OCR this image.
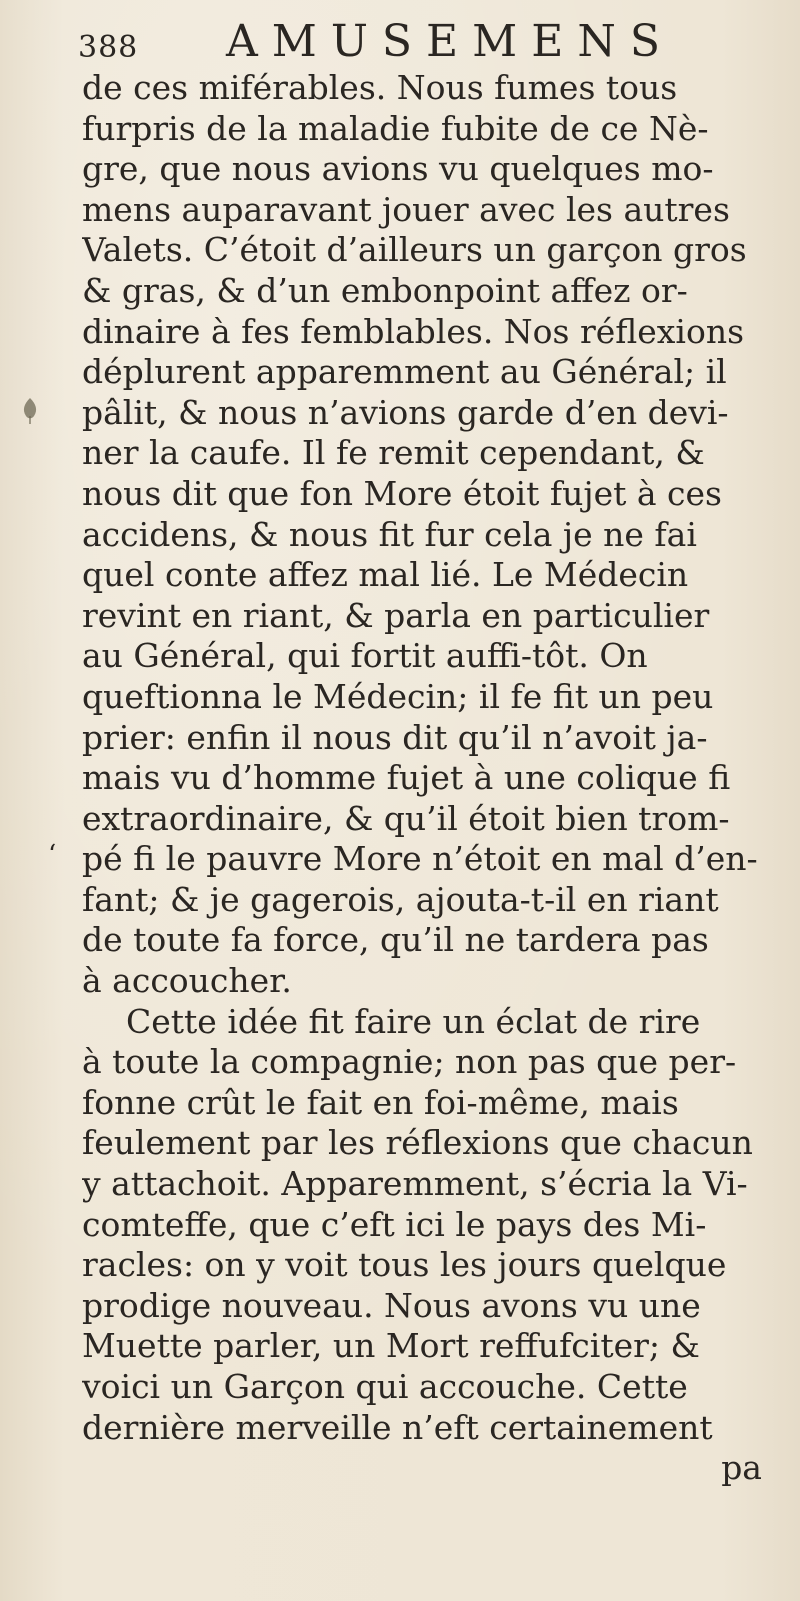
388 AMUSEMENS
‘
de ces miférables. Nous fumes tous
furpris de la maladie fubite de ce Nè-
gre, que nous avions vu quelques mo-
mens auparavant jouer avec les autres
Valets. C’étoit d’ailleurs un garçon gros
& gras, & d’un embonpoint affez or-
dinaire à fes femblables. Nos réflexions
déplurent apparemment au Général; il
pâlit, & nous n’avions garde d’en devi-
ner la caufe. Il fe remit cependant, &
nous dit que fon More étoit fujet à ces
accidens, & nous fit fur cela je ne fai
quel conte affez mal lié. Le Médecin
revint en riant, & parla en particulier
au Général, qui fortit auffi-tôt. On
queftionna le Médecin; il fe fit un peu
prier: enfin il nous dit qu’il n’avoit ja-
mais vu d’homme fujet à une colique fi
extraordinaire, & qu’il étoit bien trom-
pé fi le pauvre More n’étoit en mal d’en-
fant; & je gagerois, ajouta-t-il en riant
de toute fa force, qu’il ne tardera pas
à accoucher.
Cette idée fit faire un éclat de rire
à toute la compagnie; non pas que per-
fonne crût le fait en foi-même, mais
feulement par les réflexions que chacun
y attachoit. Apparemment, s’écria la Vi-
comteffe, que c’eft ici le pays des Mi-
racles: on y voit tous les jours quelque
prodige nouveau. Nous avons vu une
Muette parler, un Mort reffufciter; &
voici un Garçon qui accouche. Cette
dernière merveille n’eft certainement
pa
